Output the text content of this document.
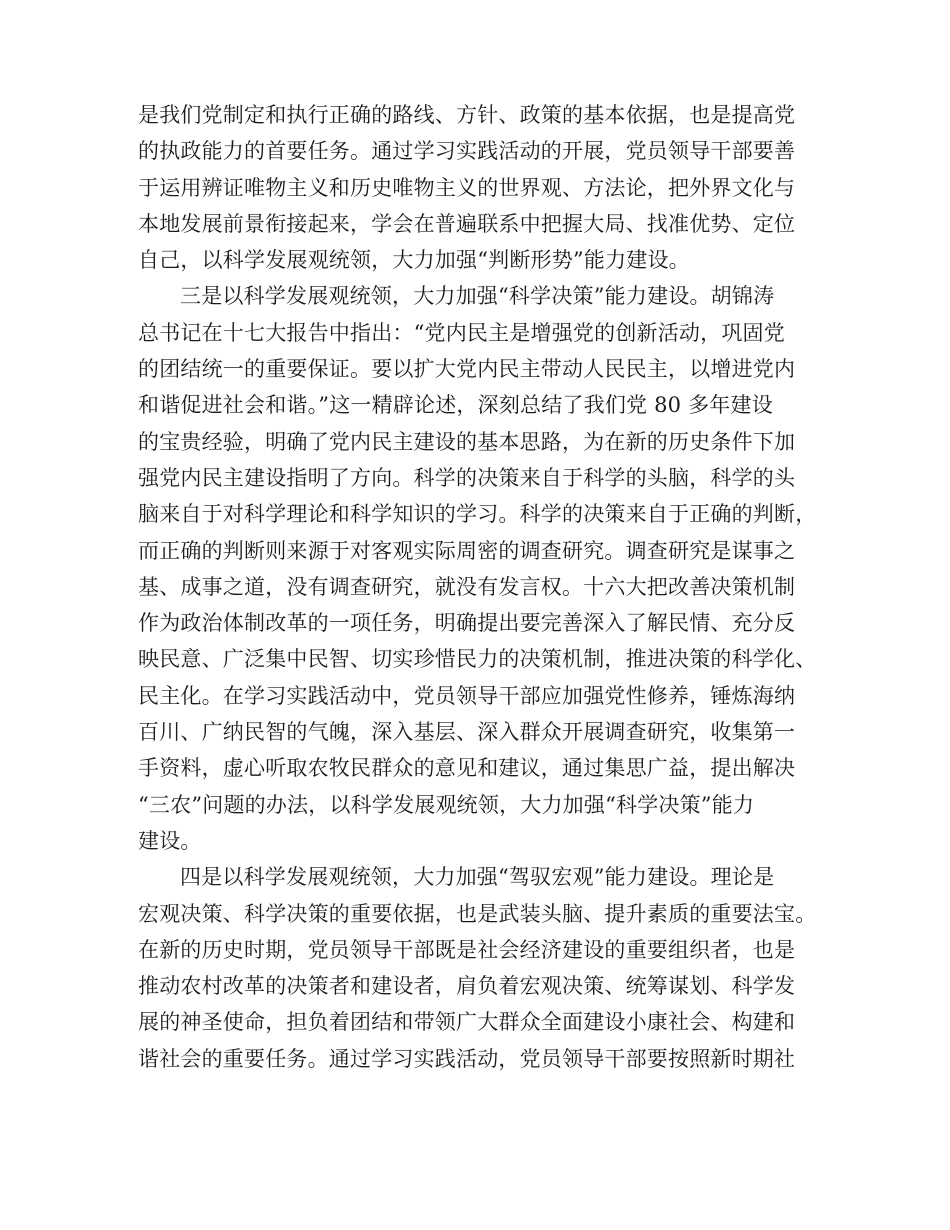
是我们党制定和执行正确的路线、方针、政策的基本依据，也是提高党
的执政能力的首要任务。通过学习实践活动的开展，党员领导干部要善
于运用辨证唯物主义和历史唯物主义的世界观、方法论，把外界文化与
本地发展前景衔接起来，学会在普遍联系中把握大局、找准优势、定位
自己，以科学发展观统领，大力加强“判断形势”能力建设。
三是以科学发展观统领，大力加强“科学决策”能力建设。胡锦涛
总书记在十七大报告中指出：“党内民主是增强党的创新活动，巩固党
的团结统一的重要保证。要以扩大党内民主带动人民民主，以增进党内
和谐促进社会和谐。”这一精辟论述，深刻总结了我们党 80 多年建设
的宝贵经验，明确了党内民主建设的基本思路，为在新的历史条件下加
强党内民主建设指明了方向。科学的决策来自于科学的头脑，科学的头
脑来自于对科学理论和科学知识的学习。科学的决策来自于正确的判断，
而正确的判断则来源于对客观实际周密的调查研究。调查研究是谋事之
基、成事之道，没有调查研究，就没有发言权。十六大把改善决策机制
作为政治体制改革的一项任务，明确提出要完善深入了解民情、充分反
映民意、广泛集中民智、切实珍惜民力的决策机制，推进决策的科学化、
民主化。在学习实践活动中，党员领导干部应加强党性修养，锤炼海纳
百川、广纳民智的气魄，深入基层、深入群众开展调查研究，收集第一
手资料，虚心听取农牧民群众的意见和建议，通过集思广益，提出解决
“三农”问题的办法，以科学发展观统领，大力加强“科学决策”能力
建设。
四是以科学发展观统领，大力加强“驾驭宏观”能力建设。理论是
宏观决策、科学决策的重要依据，也是武装头脑、提升素质的重要法宝。
在新的历史时期，党员领导干部既是社会经济建设的重要组织者，也是
推动农村改革的决策者和建设者，肩负着宏观决策、统筹谋划、科学发
展的神圣使命，担负着团结和带领广大群众全面建设小康社会、构建和
谐社会的重要任务。通过学习实践活动，党员领导干部要按照新时期社
